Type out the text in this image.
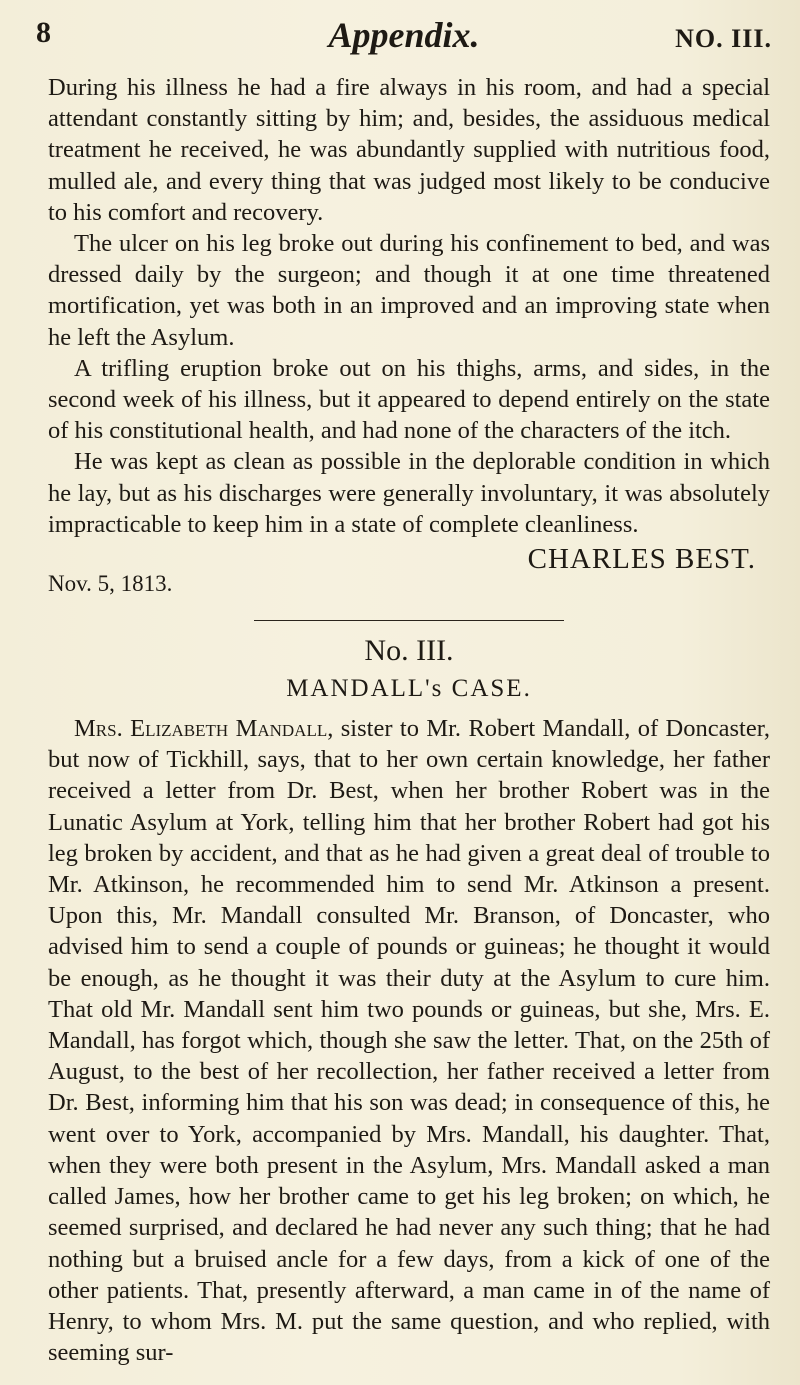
8	Appendix.	NO. III.

During his illness he had a fire always in his room, and had a special attendant constantly sitting by him; and, besides, the assiduous medical treatment he received, he was abundantly supplied with nutritious food, mulled ale, and every thing that was judged most likely to be conducive to his comfort and recovery.

The ulcer on his leg broke out during his confinement to bed, and was dressed daily by the surgeon; and though it at one time threatened mortification, yet was both in an improved and an improving state when he left the Asylum.

A trifling eruption broke out on his thighs, arms, and sides, in the second week of his illness, but it appeared to depend entirely on the state of his constitutional health, and had none of the characters of the itch.

He was kept as clean as possible in the deplorable condition in which he lay, but as his discharges were generally involuntary, it was absolutely impracticable to keep him in a state of complete cleanliness.

CHARLES BEST.
Nov. 5, 1813.
No. III.
MANDALL's CASE.

Mrs. Elizabeth Mandall, sister to Mr. Robert Mandall, of Doncaster, but now of Tickhill, says, that to her own certain knowledge, her father received a letter from Dr. Best, when her brother Robert was in the Lunatic Asylum at York, telling him that her brother Robert had got his leg broken by accident, and that as he had given a great deal of trouble to Mr. Atkinson, he recommended him to send Mr. Atkinson a present. Upon this, Mr. Mandall consulted Mr. Branson, of Doncaster, who advised him to send a couple of pounds or guineas; he thought it would be enough, as he thought it was their duty at the Asylum to cure him. That old Mr. Mandall sent him two pounds or guineas, but she, Mrs. E. Mandall, has forgot which, though she saw the letter. That, on the 25th of August, to the best of her recollection, her father received a letter from Dr. Best, informing him that his son was dead; in consequence of this, he went over to York, accompanied by Mrs. Mandall, his daughter. That, when they were both present in the Asylum, Mrs. Mandall asked a man called James, how her brother came to get his leg broken; on which, he seemed surprised, and declared he had never any such thing; that he had nothing but a bruised ancle for a few days, from a kick of one of the other patients. That, presently afterward, a man came in of the name of Henry, to whom Mrs. M. put the same question, and who replied, with seeming sur-
